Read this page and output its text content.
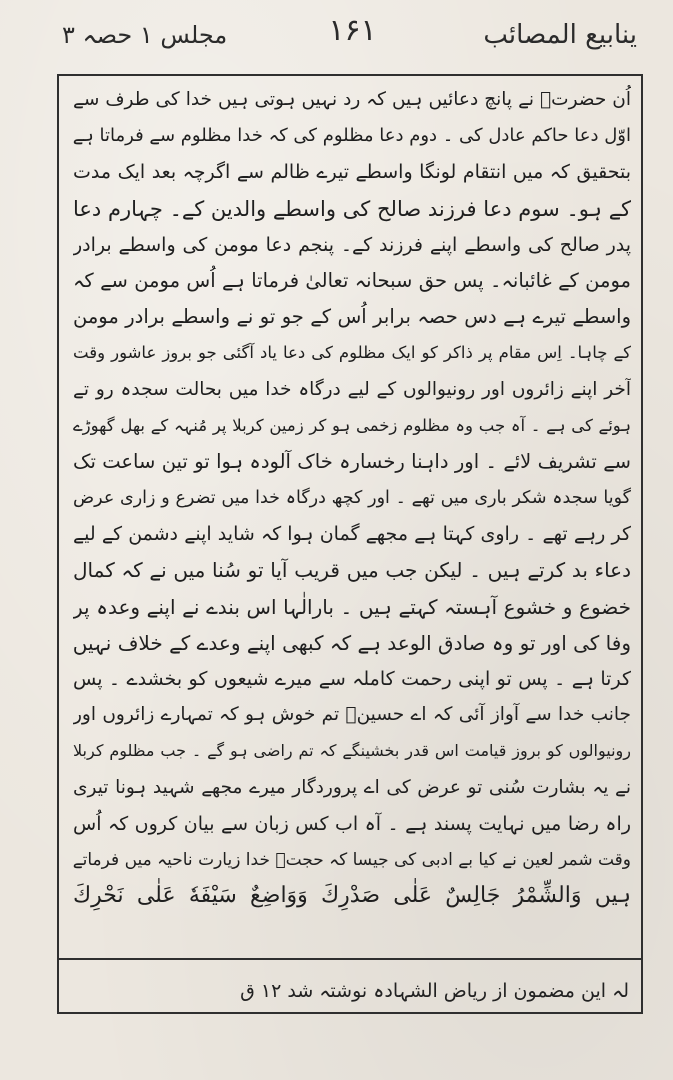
ینابیع المصائب
۱۶۱
مجلس ۱ حصہ ۳
اُن حضرتؑ نے پانچ دعائیں ہیں کہ رد نہیں ہوتی ہیں خدا کی طرف سے
اوّل دعا حاکم عادل کی ۔ دوم دعا مظلوم کی کہ خدا مظلوم سے فرماتا ہے
بتحقیق کہ میں انتقام لونگا واسطے تیرے ظالم سے اگرچہ بعد ایک مدت
کے ہو۔ سوم دعا فرزند صالح کی واسطے والدین کے۔ چہارم دعا
پدر صالح کی واسطے اپنے فرزند کے۔ پنجم دعا مومن کی واسطے برادر
مومن کے غائبانہ۔ پس حق سبحانہ تعالیٰ فرماتا ہے اُس مومن سے کہ
واسطے تیرے ہے دس حصہ برابر اُس کے جو تو نے واسطے برادر مومن
کے چاہا۔ اِس مقام پر ذاکر کو ایک مظلوم کی دعا یاد آگئی جو بروز عاشور وقت
آخر اپنے زائروں اور رونیوالوں کے لیے درگاہ خدا میں بحالت سجدہ رو تے
ہوئے کی ہے ۔ آہ جب وہ مظلوم زخمی ہو کر زمین کربلا پر مُنہہ کے بھل گھوڑے
سے تشریف لائے ۔ اور داہنا رخسارہ خاک آلودہ ہوا تو تین ساعت تک
گویا سجدہ شکر باری میں تھے ۔ اور کچھ درگاہ خدا میں تضرع و زاری عرض
کر رہے تھے ۔ راوی کہتا ہے مجھے گمان ہوا کہ شاید اپنے دشمن کے لیے
دعاء بد کرتے ہیں ۔ لیکن جب میں قریب آیا تو سُنا میں نے کہ کمال
خضوع و خشوع آہستہ کہتے ہیں ۔ بارالٰہا اس بندے نے اپنے وعدہ پر
وفا کی اور تو وہ صادق الوعد ہے کہ کبھی اپنے وعدے کے خلاف نہیں
کرتا ہے ۔ پس تو اپنی رحمت کاملہ سے میرے شیعوں کو بخشدے ۔ پس
جانب خدا سے آواز آئی کہ اے حسینؑ تم خوش ہو کہ تمہارے زائروں اور
رونیوالوں کو بروز قیامت اس قدر بخشینگے کہ تم راضی ہو گے ۔ جب مظلوم کربلا
نے یہ بشارت سُنی تو عرض کی اے پروردگار میرے مجھے شہید ہونا تیری
راہ رضا میں نہایت پسند ہے ۔ آہ اب کس زبان سے بیان کروں کہ اُس
وقت شمر لعین نے کیا بے ادبی کی جیسا کہ حجتؑ خدا زیارت ناحیہ میں فرماتے
ہیں وَالشِّمْرُ جَالِسٌ عَلٰى صَدْرِكَ وَوَاضِعٌ سَيْفَهٗ عَلٰى نَحْرِكَ
لہ این مضمون از ریاض الشہادہ نوشتہ شد ۱۲ ق
